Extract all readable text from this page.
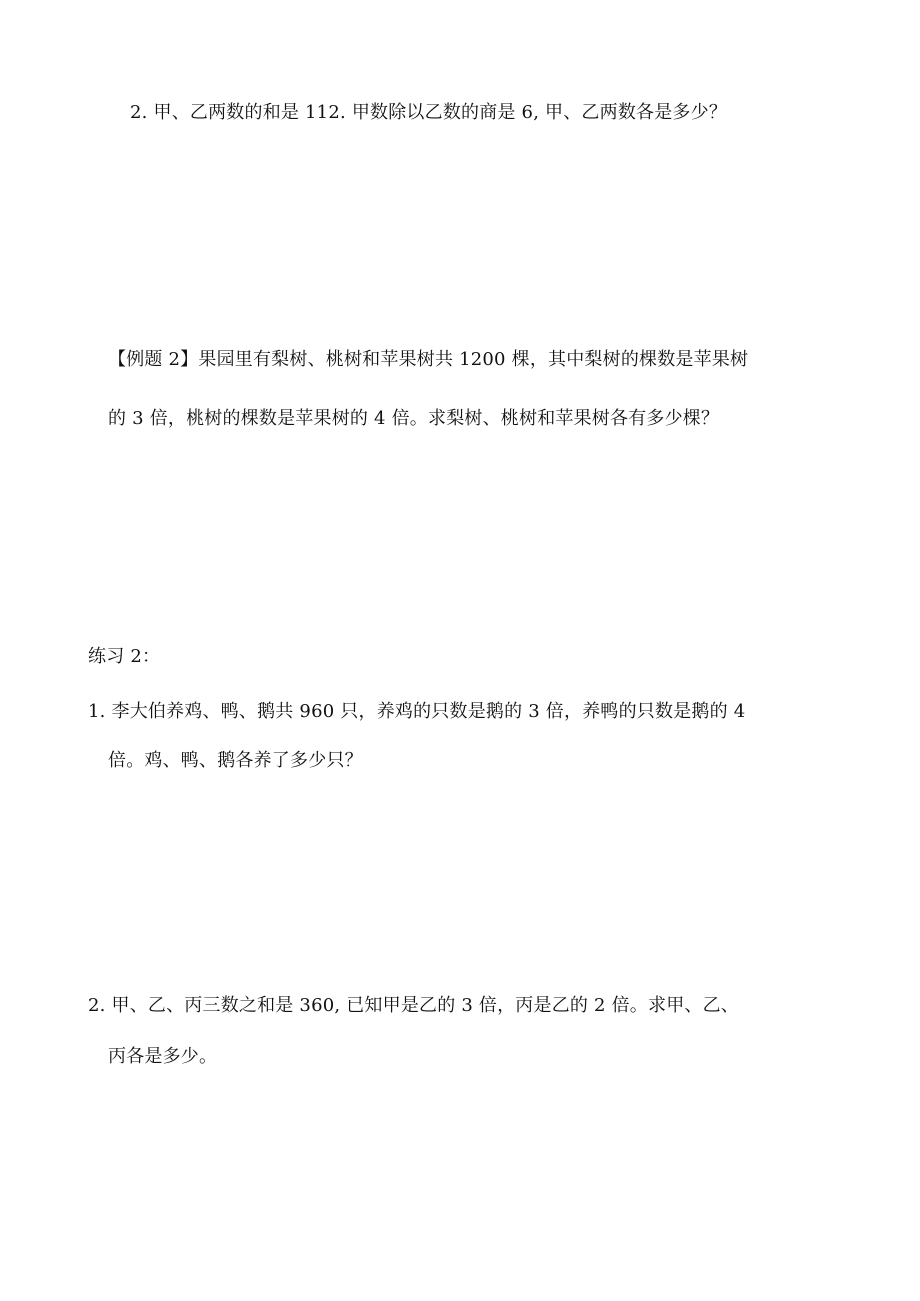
2. 甲、乙两数的和是 112. 甲数除以乙数的商是 6, 甲、乙两数各是多少？
【例题 2】果园里有梨树、桃树和苹果树共 1200 棵，其中梨树的棵数是苹果树
的 3 倍，桃树的棵数是苹果树的 4 倍。求梨树、桃树和苹果树各有多少棵？
练习 2：
1. 李大伯养鸡、鸭、鹅共 960 只，养鸡的只数是鹅的 3 倍，养鸭的只数是鹅的 4
倍。鸡、鸭、鹅各养了多少只？
2. 甲、乙、丙三数之和是 360, 已知甲是乙的 3 倍，丙是乙的 2 倍。求甲、乙、
丙各是多少。
